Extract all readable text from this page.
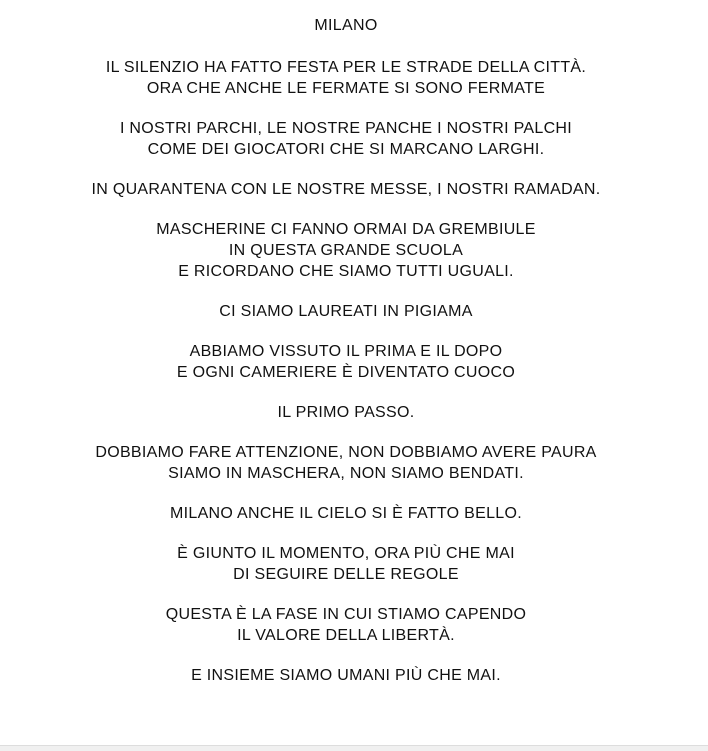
MILANO
IL SILENZIO HA FATTO FESTA PER LE STRADE DELLA CITTÀ.
ORA CHE ANCHE LE FERMATE SI SONO FERMATE
I NOSTRI PARCHI, LE NOSTRE PANCHE I NOSTRI PALCHI
COME DEI GIOCATORI CHE SI MARCANO LARGHI.
IN QUARANTENA CON LE NOSTRE MESSE, I NOSTRI RAMADAN.
MASCHERINE CI FANNO ORMAI DA GREMBIULE
IN QUESTA GRANDE SCUOLA
E RICORDANO CHE SIAMO TUTTI UGUALI.
CI SIAMO LAUREATI IN PIGIAMA
ABBIAMO VISSUTO IL PRIMA E IL DOPO
E OGNI CAMERIERE È DIVENTATO CUOCO
IL PRIMO PASSO.
DOBBIAMO FARE ATTENZIONE, NON DOBBIAMO AVERE PAURA
SIAMO IN MASCHERA, NON SIAMO BENDATI.
MILANO ANCHE IL CIELO SI È FATTO BELLO.
È GIUNTO IL MOMENTO, ORA PIÙ CHE MAI
DI SEGUIRE DELLE REGOLE
QUESTA È LA FASE IN CUI STIAMO CAPENDO
IL VALORE DELLA LIBERTÀ.
E INSIEME SIAMO UMANI PIÙ CHE MAI.
